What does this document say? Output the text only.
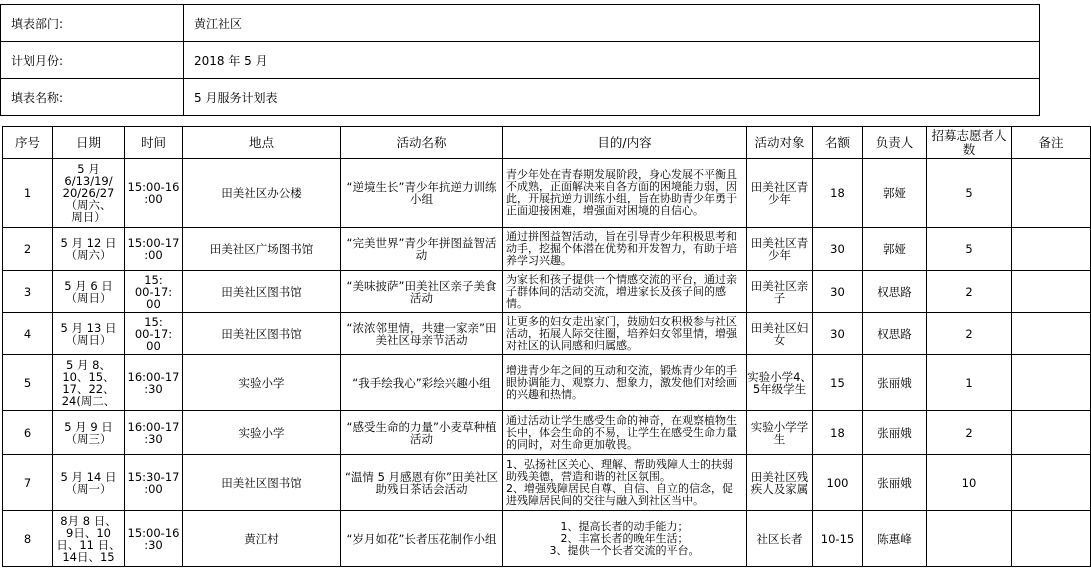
填表部门:	黄江社区
计划月份:	2018 年 5 月
填表名称:	5 月服务计划表
序号	日期	时间	地点	活动名称	目的/内容	活动对象	名额	负责人	招募志愿者人数	备注
1	5 月
6/13/19/
20/26/27
（周六、
周日）	15:00-16
:00	田美社区办公楼	“逆境生长”青少年抗逆力训练小组	青少年处在青春期发展阶段，身心发展不平衡且不成熟，正面解决来自各方面的困境能力弱，因此，开展抗逆力训练小组，旨在协助青少年勇于正面迎接困难，增强面对困境的自信心。	田美社区青少年	18	郭娅	5	
2	5 月 12 日
（周六）	15:00-17
:00	田美社区广场图书馆	“完美世界”青少年拼图益智活动	通过拼图益智活动，旨在引导青少年积极思考和动手，挖掘个体潜在优势和开发智力，有助于培养学习兴趣。	田美社区青少年	30	郭娅	5	
3	5 月 6 日
（周日）	15:
00-17:
00	田美社区图书馆	“美味披萨”田美社区亲子美食活动	为家长和孩子提供一个情感交流的平台，通过亲子群体间的活动交流，增进家长及孩子间的感情。	田美社区亲子	30	权思路	2	
4	5 月 13 日
（周日）	15:
00-17:
00	田美社区图书馆	“浓浓邻里情，共建一家亲”田美社区母亲节活动	让更多的妇女走出家门，鼓励妇女积极参与社区活动，拓展人际交往圈，培养妇女邻里情，增强对社区的认同感和归属感。	田美社区妇女	30	权思路	2	
5	5 月 8、
10、15、
17、22、
24(周二、	16:00-17
:30	实验小学	“我手绘我心”彩绘兴趣小组	增进青少年之间的互动和交流，锻炼青少年的手眼协调能力、观察力、想象力，激发他们对绘画的兴趣和热情。	实验小学4、5年级学生	15	张丽娥	1	
6	5 月 9 日
（周三）	16:00-17
:30	实验小学	“感受生命的力量”小麦草种植活动	通过活动让学生感受生命的神奇，在观察植物生长中，体会生命的不易，让学生在感受生命力量的同时，对生命更加敬畏。	实验小学学生	18	张丽娥	2	
7	5 月 14 日
（周一）	15:30-17
:00	田美社区图书馆	“温情 5 月感恩有你”田美社区助残日茶话会活动	1、弘扬社区关心、理解、帮助残障人士的扶弱助残美德，营造和谐的社区氛围。
2、增强残障居民自尊、自信、自立的信念，促进残障居民间的交往与融入到社区当中。	田美社区残疾人及家属	100	张丽娥	10	
8	8月 8 日、
9日、10
日、11 日、
14日、15	15:00-16
:30	黄江村	“岁月如花”长者压花制作小组	1、提高长者的动手能力；
2、丰富长者的晚年生活；
3、提供一个长者交流的平台。	社区长者	10-15	陈惠峰		
